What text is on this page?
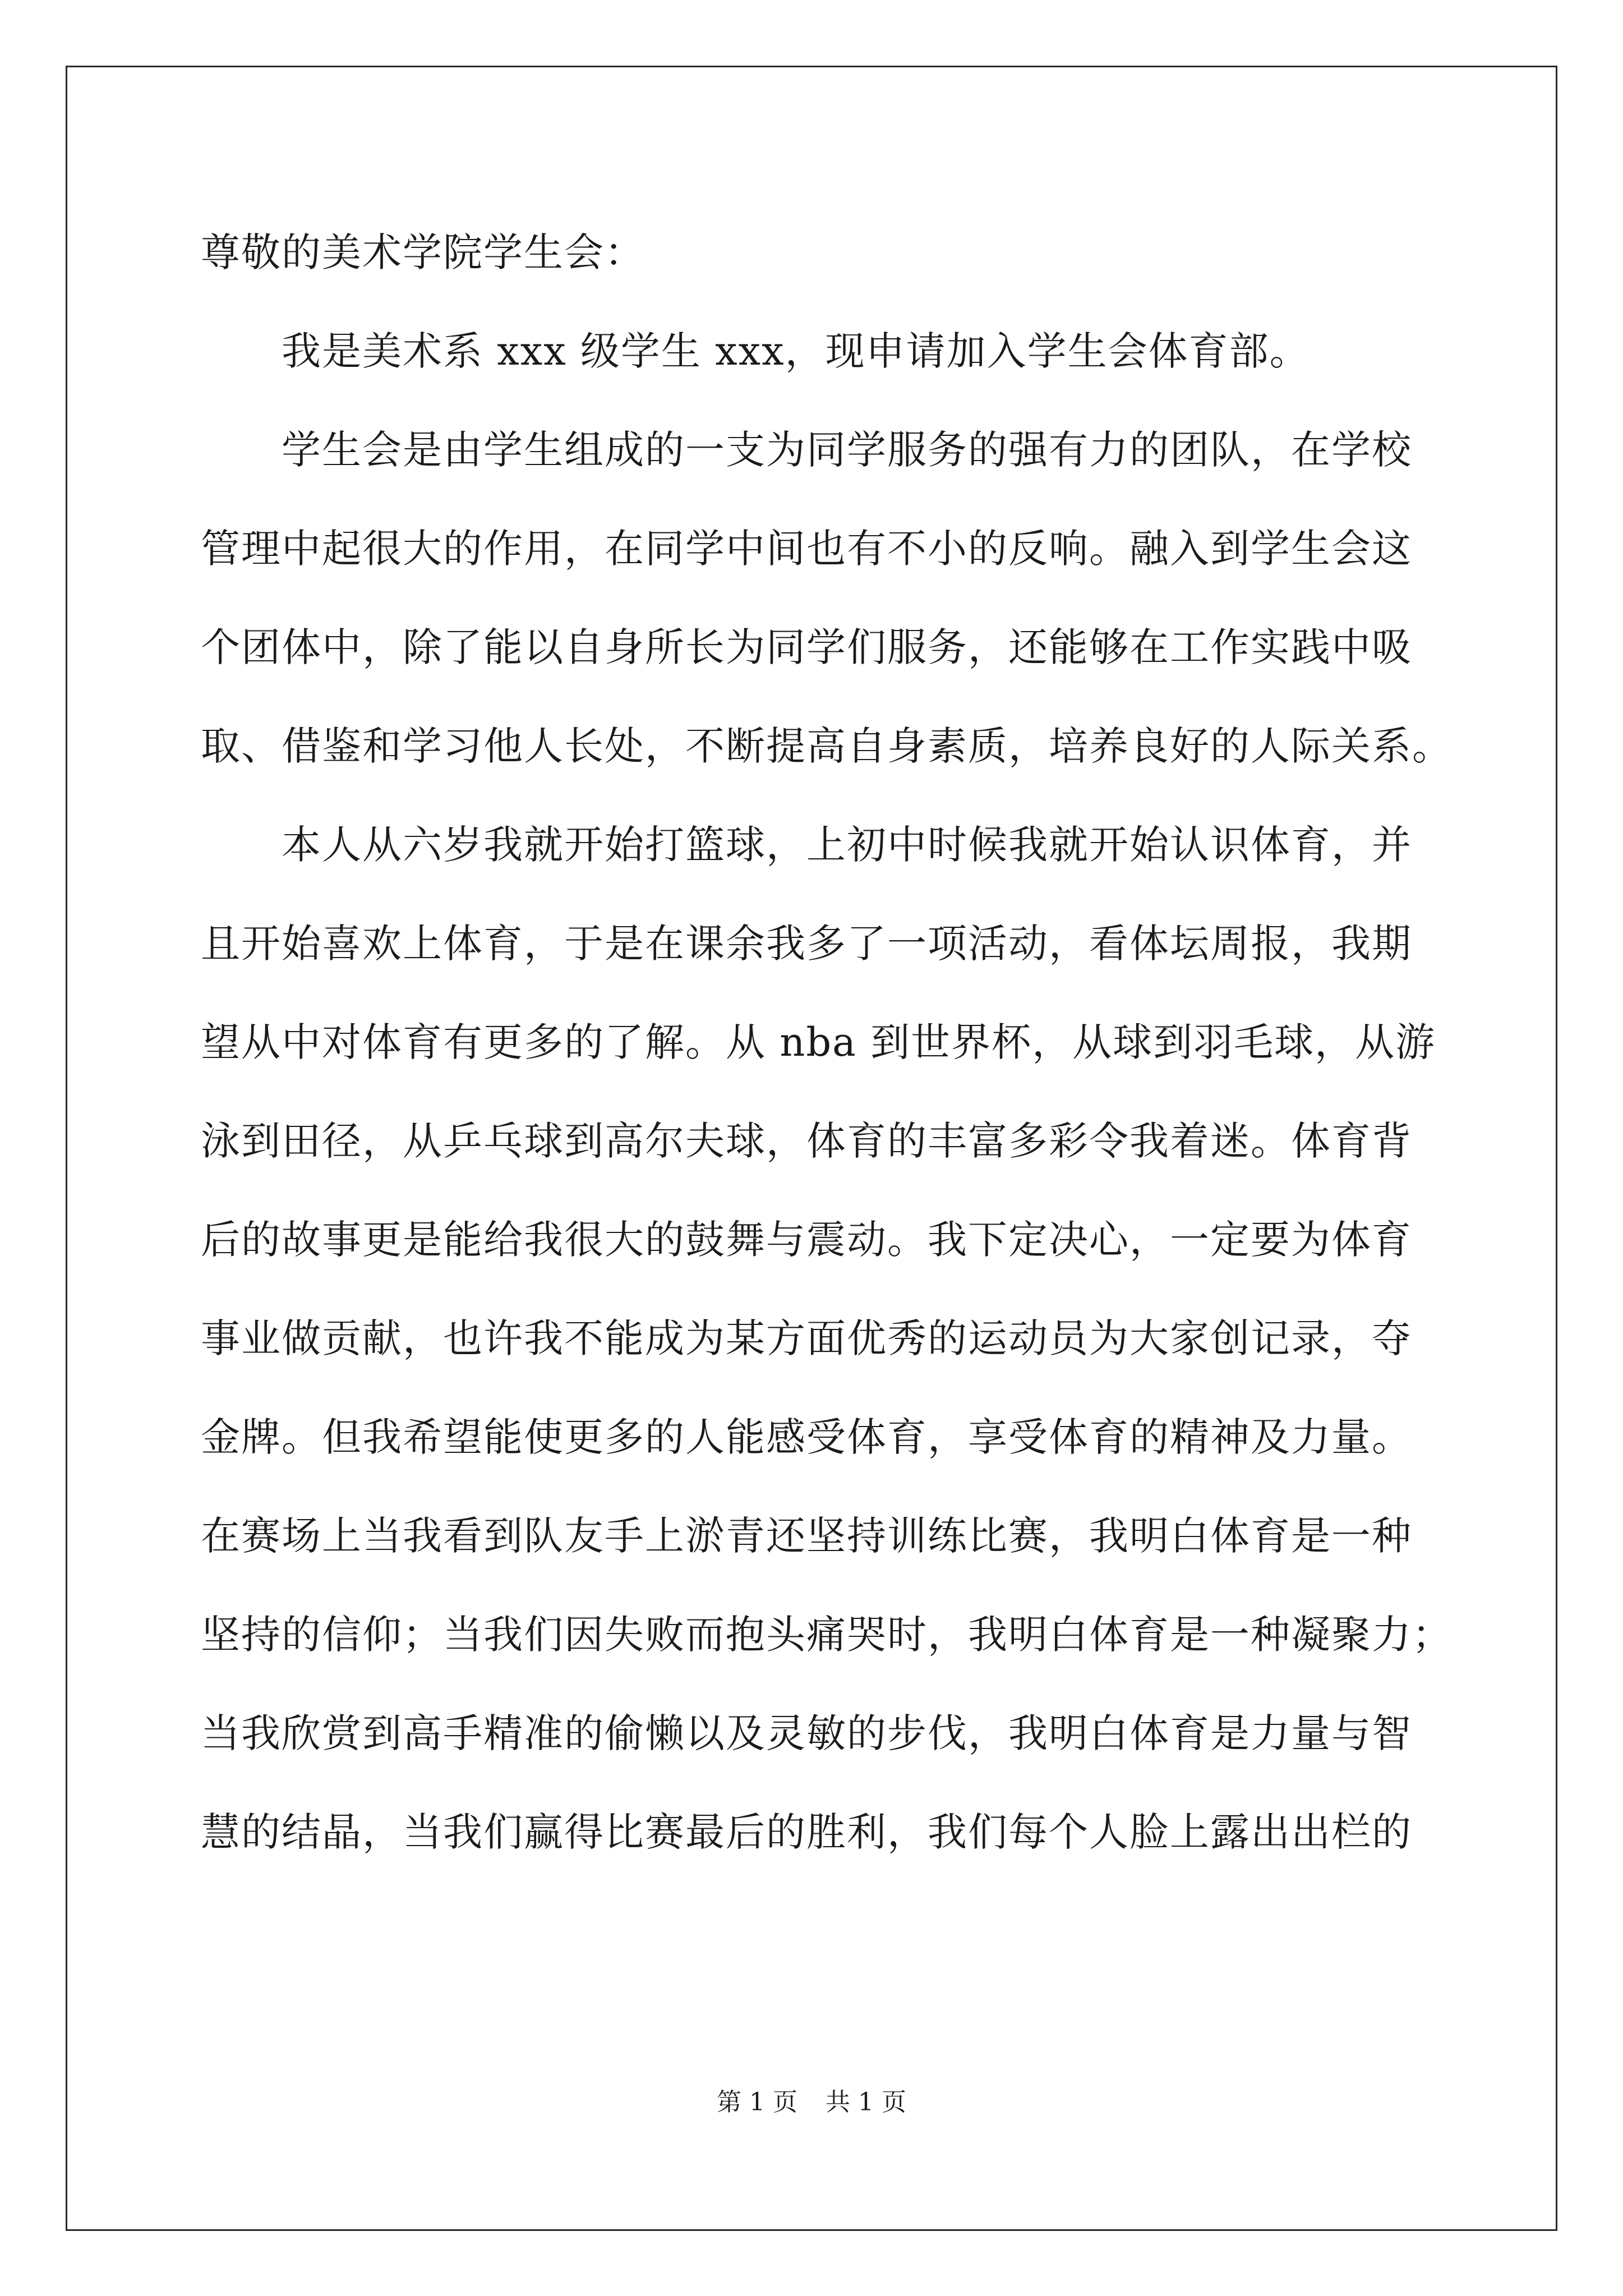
尊敬的美术学院学生会：
　　我是美术系 xxx 级学生 xxx，现申请加入学生会体育部。
　　学生会是由学生组成的一支为同学服务的强有力的团队，在学校
管理中起很大的作用，在同学中间也有不小的反响。融入到学生会这
个团体中，除了能以自身所长为同学们服务，还能够在工作实践中吸
取、借鉴和学习他人长处，不断提高自身素质，培养良好的人际关系。
　　本人从六岁我就开始打篮球，上初中时候我就开始认识体育，并
且开始喜欢上体育，于是在课余我多了一项活动，看体坛周报，我期
望从中对体育有更多的了解。从 nba 到世界杯，从球到羽毛球，从游
泳到田径，从乒乓球到高尔夫球，体育的丰富多彩令我着迷。体育背
后的故事更是能给我很大的鼓舞与震动。我下定决心，一定要为体育
事业做贡献，也许我不能成为某方面优秀的运动员为大家创记录，夺
金牌。但我希望能使更多的人能感受体育，享受体育的精神及力量。
在赛场上当我看到队友手上淤青还坚持训练比赛，我明白体育是一种
坚持的信仰；当我们因失败而抱头痛哭时，我明白体育是一种凝聚力；
当我欣赏到高手精准的偷懒以及灵敏的步伐，我明白体育是力量与智
慧的结晶，当我们赢得比赛最后的胜利，我们每个人脸上露出出栏的
第 1 页 共 1 页
